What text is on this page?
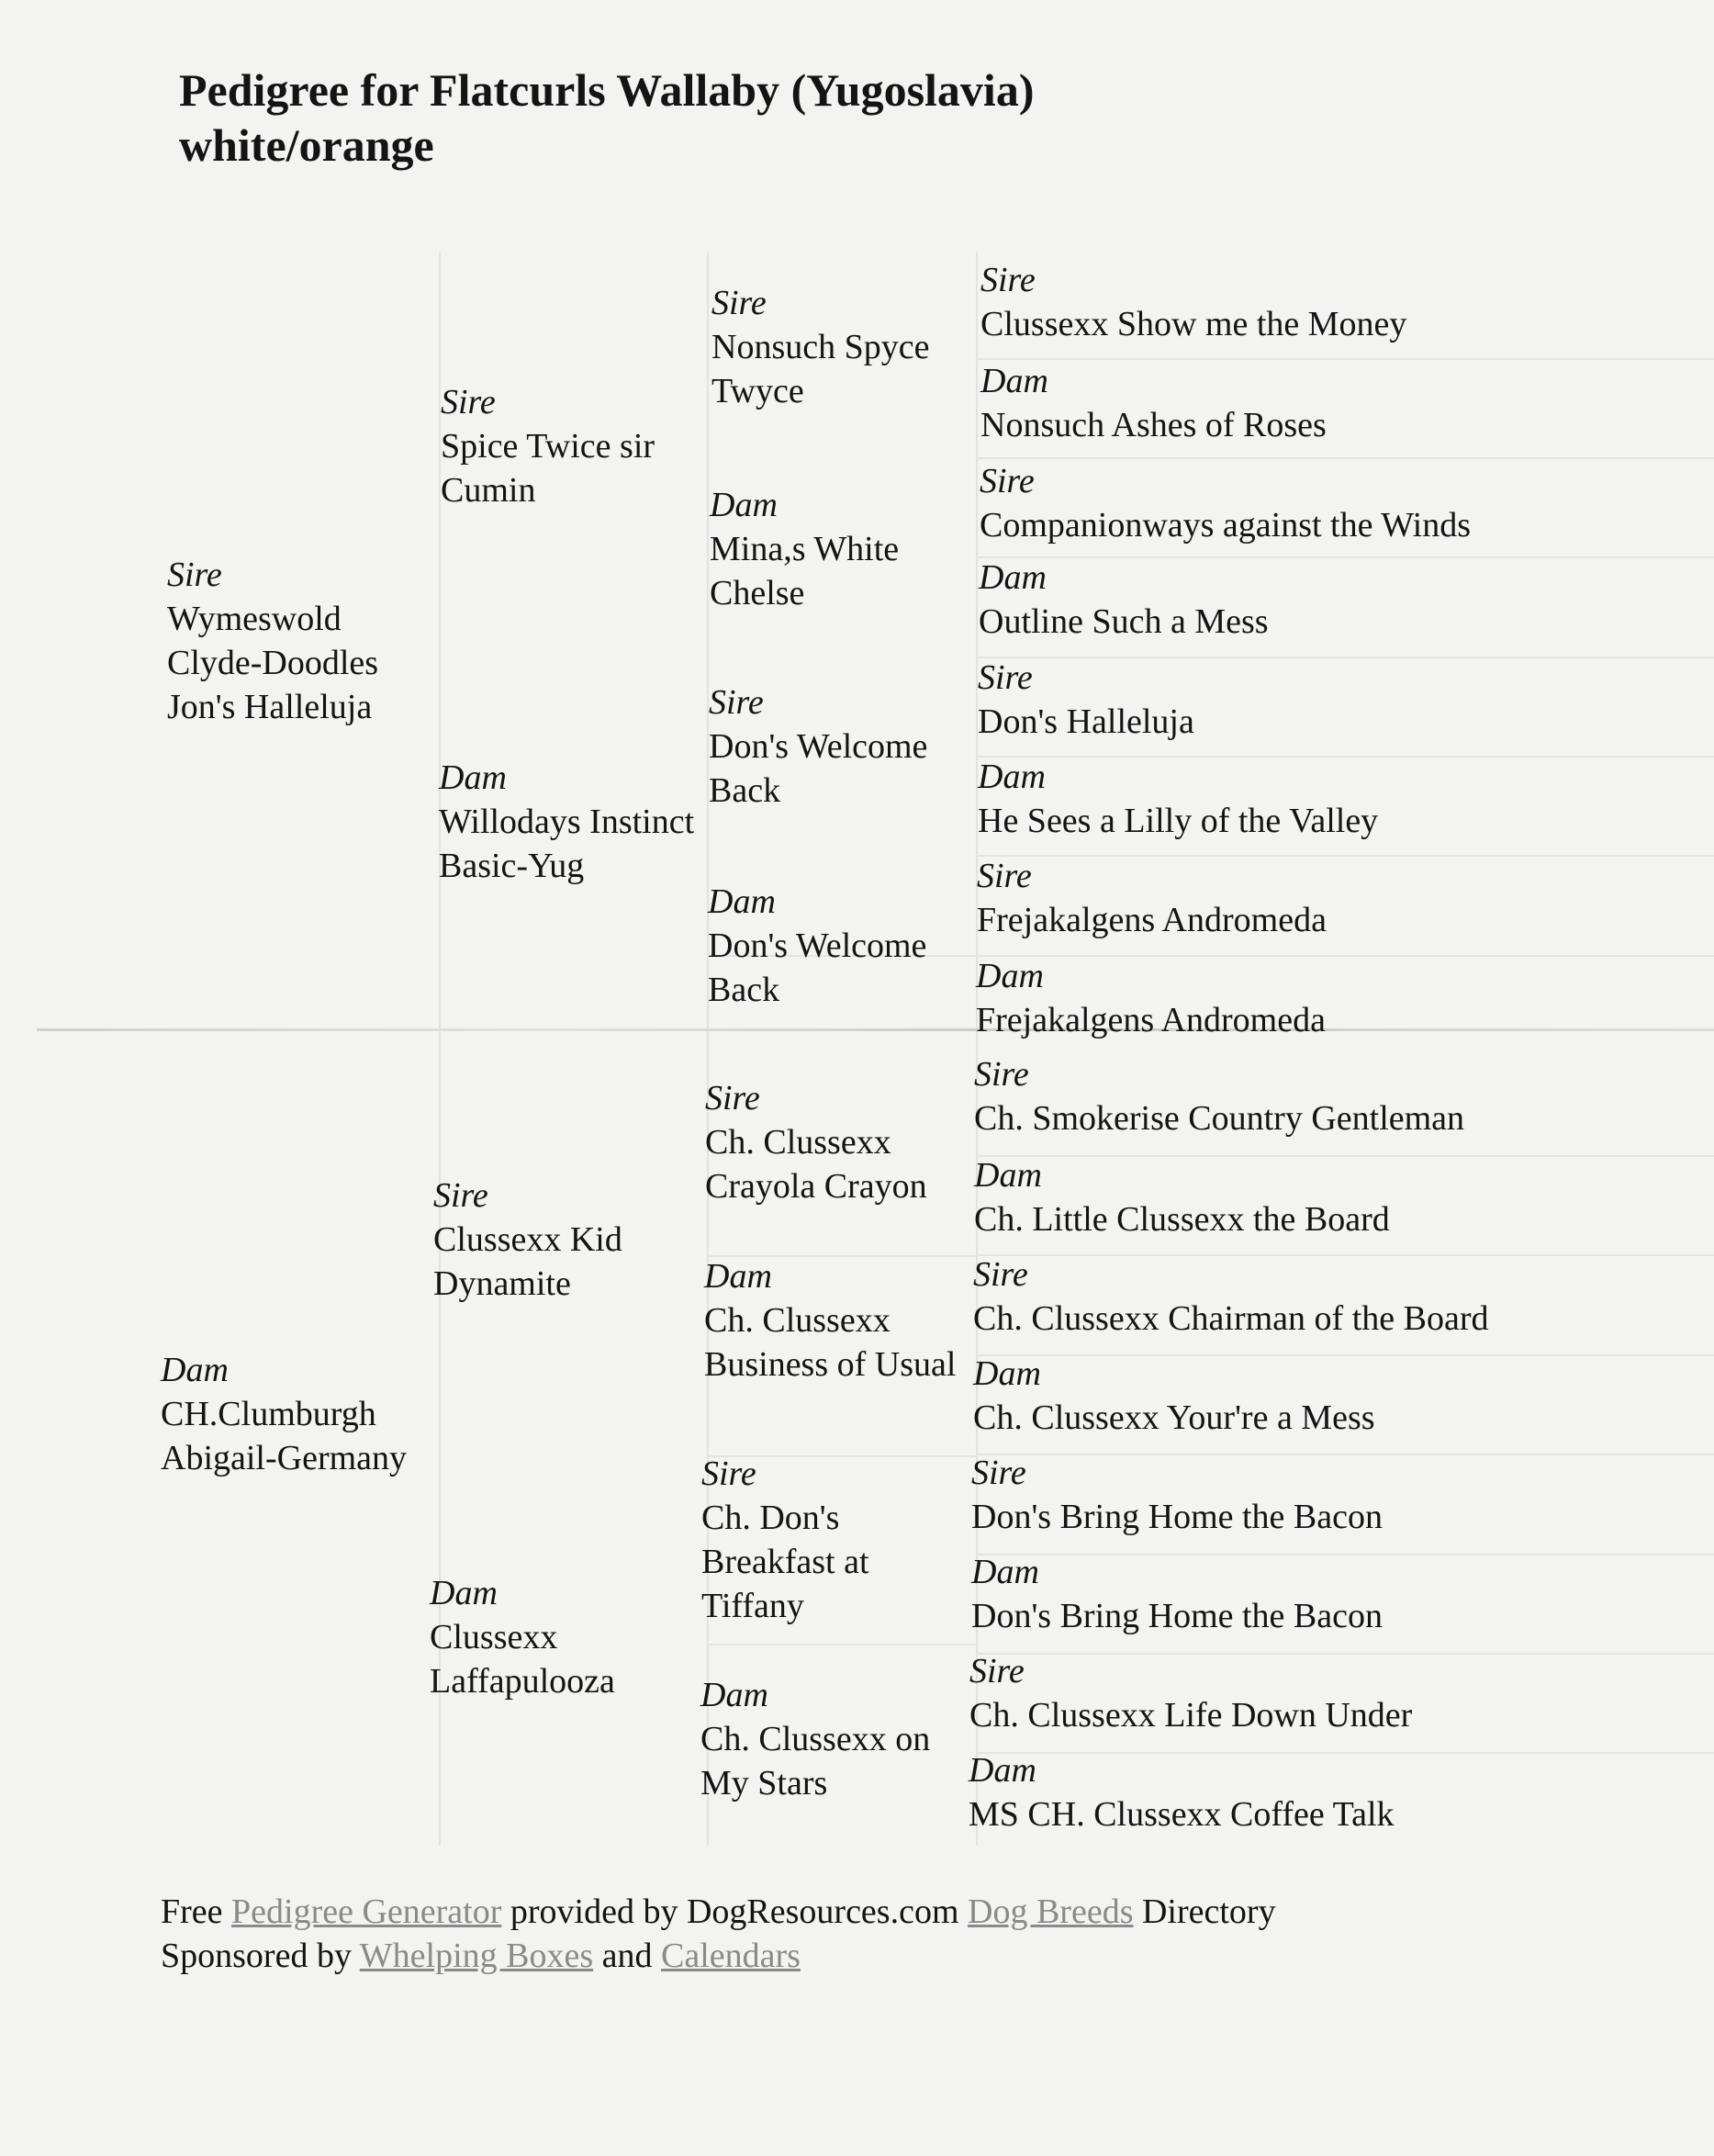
Pedigree for Flatcurls Wallaby (Yugoslavia)
white/orange
Sire
Wymeswold Clyde-Doodles Jon's Halleluja
Dam
CH.Clumburgh Abigail-Germany
Sire
Spice Twice sir Cumin
Dam
Willodays Instinct Basic-Yug
Sire
Clussexx Kid Dynamite
Dam
Clussexx Laffapulooza
Sire
Nonsuch Spyce Twyce
Dam
Mina,s White Chelse
Sire
Don's Welcome Back
Dam
Don's Welcome Back
Sire
Ch. Clussexx Crayola Crayon
Dam
Ch. Clussexx Business of Usual
Sire
Ch. Don's Breakfast at Tiffany
Dam
Ch. Clussexx on My Stars
Sire
Clussexx Show me the Money
Dam
Nonsuch Ashes of Roses
Sire
Companionways against the Winds
Dam
Outline Such a Mess
Sire
Don's Halleluja
Dam
He Sees a Lilly of the Valley
Sire
Frejakalgens Andromeda
Dam
Frejakalgens Andromeda
Sire
Ch. Smokerise Country Gentleman
Dam
Ch. Little Clussexx the Board
Sire
Ch. Clussexx Chairman of the Board
Dam
Ch. Clussexx Your're a Mess
Sire
Don's Bring Home the Bacon
Dam
Don's Bring Home the Bacon
Sire
Ch. Clussexx Life Down Under
Dam
MS CH. Clussexx Coffee Talk
Free Pedigree Generator provided by DogResources.com Dog Breeds Directory
Sponsored by Whelping Boxes and Calendars
